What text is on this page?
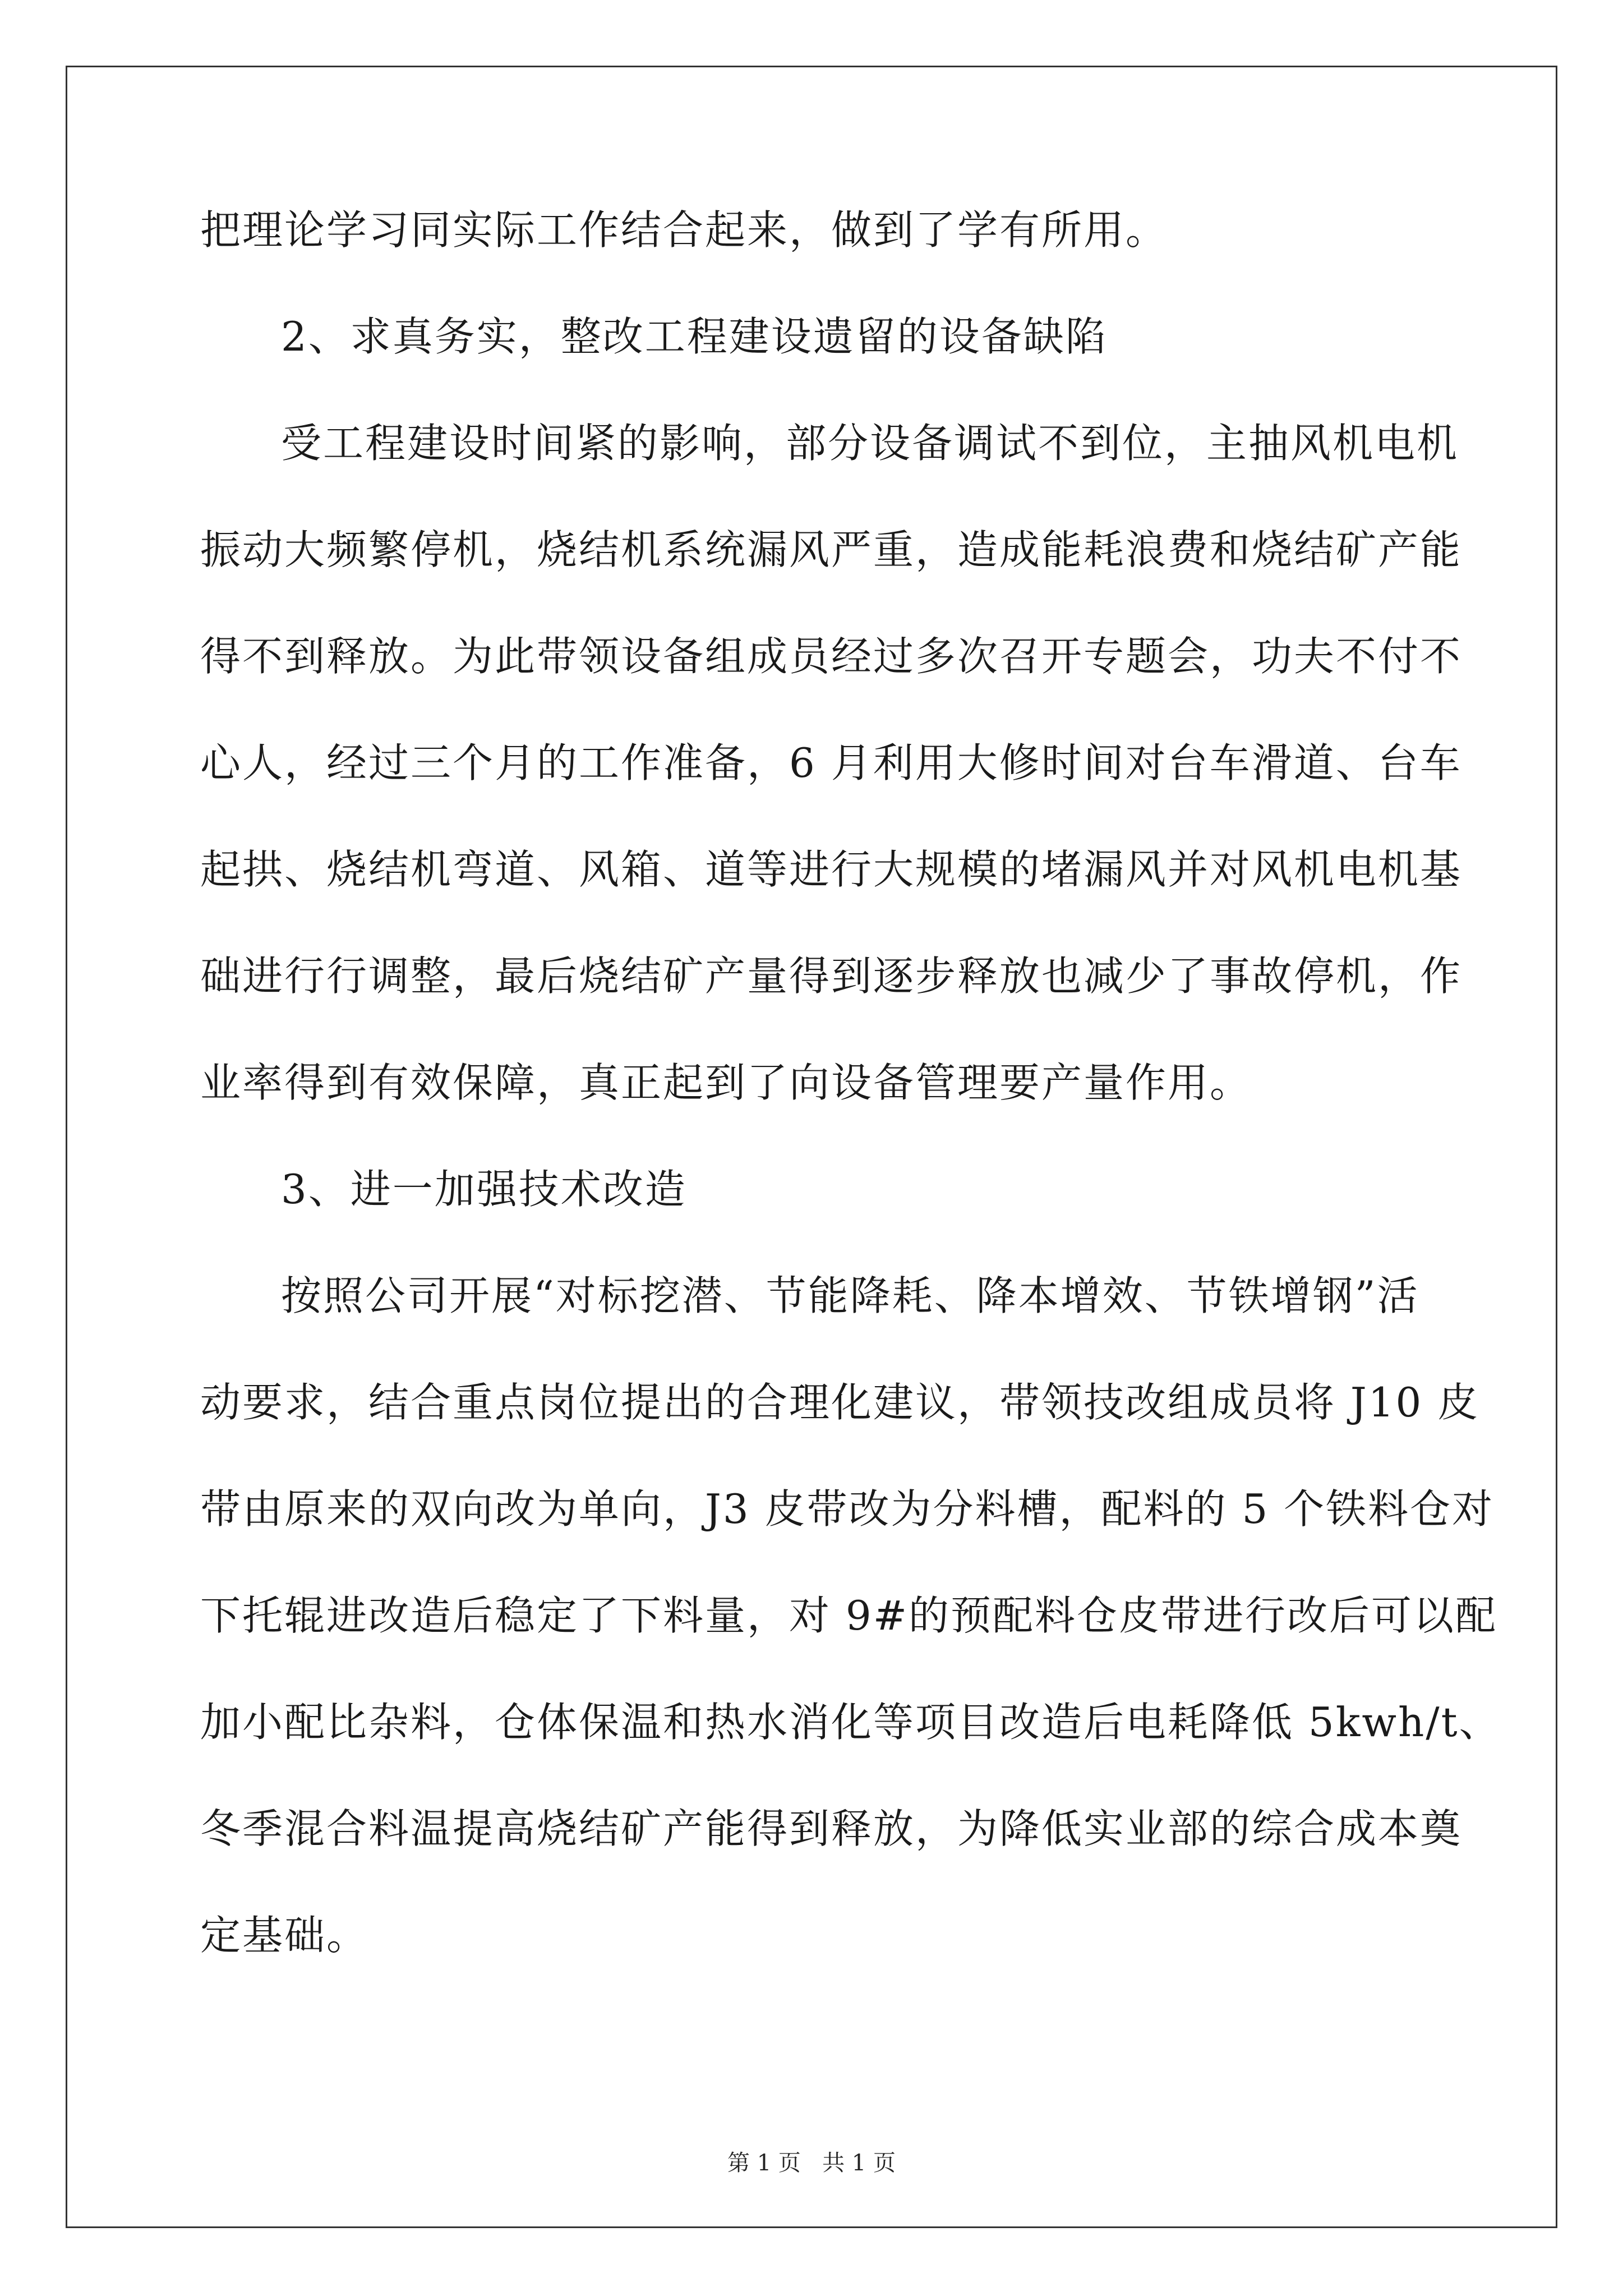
把理论学习同实际工作结合起来，做到了学有所用。
2、求真务实，整改工程建设遗留的设备缺陷
受工程建设时间紧的影响，部分设备调试不到位，主抽风机电机
振动大频繁停机，烧结机系统漏风严重，造成能耗浪费和烧结矿产能
得不到释放。为此带领设备组成员经过多次召开专题会，功夫不付不
心人，经过三个月的工作准备，6 月利用大修时间对台车滑道、台车
起拱、烧结机弯道、风箱、道等进行大规模的堵漏风并对风机电机基
础进行行调整，最后烧结矿产量得到逐步释放也减少了事故停机，作
业率得到有效保障，真正起到了向设备管理要产量作用。
3、进一加强技术改造
按照公司开展“对标挖潜、节能降耗、降本增效、节铁增钢”活
动要求，结合重点岗位提出的合理化建议，带领技改组成员将 J10 皮
带由原来的双向改为单向，J3 皮带改为分料槽，配料的 5 个铁料仓对
下托辊进改造后稳定了下料量，对 9#的预配料仓皮带进行改后可以配
加小配比杂料，仓体保温和热水消化等项目改造后电耗降低 5kwh/t、
冬季混合料温提高烧结矿产能得到释放，为降低实业部的综合成本奠
定基础。
第 1 页   共 1 页
